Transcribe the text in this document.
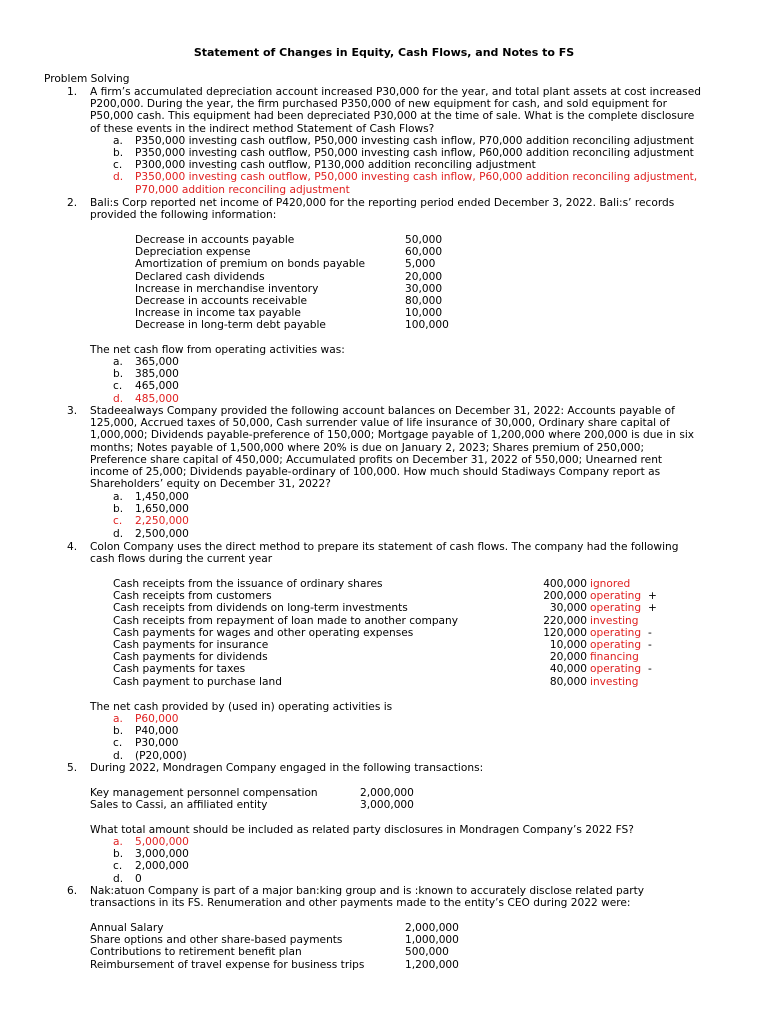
Statement of Changes in Equity, Cash Flows, and Notes to FS
Problem Solving
1. A firm’s accumulated depreciation account increased P30,000 for the year, and total plant assets at cost increased
P200,000. During the year, the firm purchased P350,000 of new equipment for cash, and sold equipment for
P50,000 cash. This equipment had been depreciated P30,000 at the time of sale. What is the complete disclosure
of these events in the indirect method Statement of Cash Flows?
a. P350,000 investing cash outflow, P50,000 investing cash inflow, P70,000 addition reconciling adjustment
b. P350,000 investing cash outflow, P50,000 investing cash inflow, P60,000 addition reconciling adjustment
c. P300,000 investing cash outflow, P130,000 addition reconciling adjustment
d. P350,000 investing cash outflow, P50,000 investing cash inflow, P60,000 addition reconciling adjustment,
P70,000 addition reconciling adjustment
2. Bali:s Corp reported net income of P420,000 for the reporting period ended December 3, 2022. Bali:s’ records
provided the following information:
Decrease in accounts payable	50,000
Depreciation expense	60,000
Amortization of premium on bonds payable	5,000
Declared cash dividends	20,000
Increase in merchandise inventory	30,000
Decrease in accounts receivable	80,000
Increase in income tax payable	10,000
Decrease in long-term debt payable	100,000
The net cash flow from operating activities was:
a. 365,000
b. 385,000
c. 465,000
d. 485,000
3. Stadeealways Company provided the following account balances on December 31, 2022: Accounts payable of
125,000, Accrued taxes of 50,000, Cash surrender value of life insurance of 30,000, Ordinary share capital of
1,000,000; Dividends payable-preference of 150,000; Mortgage payable of 1,200,000 where 200,000 is due in six
months; Notes payable of 1,500,000 where 20% is due on January 2, 2023; Shares premium of 250,000;
Preference share capital of 450,000; Accumulated profits on December 31, 2022 of 550,000; Unearned rent
income of 25,000; Dividends payable-ordinary of 100,000. How much should Stadiways Company report as
Shareholders’ equity on December 31, 2022?
a. 1,450,000
b. 1,650,000
c. 2,250,000
d. 2,500,000
4. Colon Company uses the direct method to prepare its statement of cash flows. The company had the following
cash flows during the current year
Cash receipts from the issuance of ordinary shares	400,000 ignored
Cash receipts from customers	200,000 operating +
Cash receipts from dividends on long-term investments	30,000 operating +
Cash receipts from repayment of loan made to another company	220,000 investing
Cash payments for wages and other operating expenses	120,000 operating -
Cash payments for insurance	10,000 operating -
Cash payments for dividends	20,000 financing
Cash payments for taxes	40,000 operating -
Cash payment to purchase land	80,000 investing
The net cash provided by (used in) operating activities is
a. P60,000
b. P40,000
c. P30,000
d. (P20,000)
5. During 2022, Mondragen Company engaged in the following transactions:
Key management personnel compensation	2,000,000
Sales to Cassi, an affiliated entity	3,000,000
What total amount should be included as related party disclosures in Mondragen Company’s 2022 FS?
a. 5,000,000
b. 3,000,000
c. 2,000,000
d. 0
6. Nak:atuon Company is part of a major ban:king group and is :known to accurately disclose related party
transactions in its FS. Renumeration and other payments made to the entity’s CEO during 2022 were:
Annual Salary	2,000,000
Share options and other share-based payments	1,000,000
Contributions to retirement benefit plan	500,000
Reimbursement of travel expense for business trips	1,200,000
